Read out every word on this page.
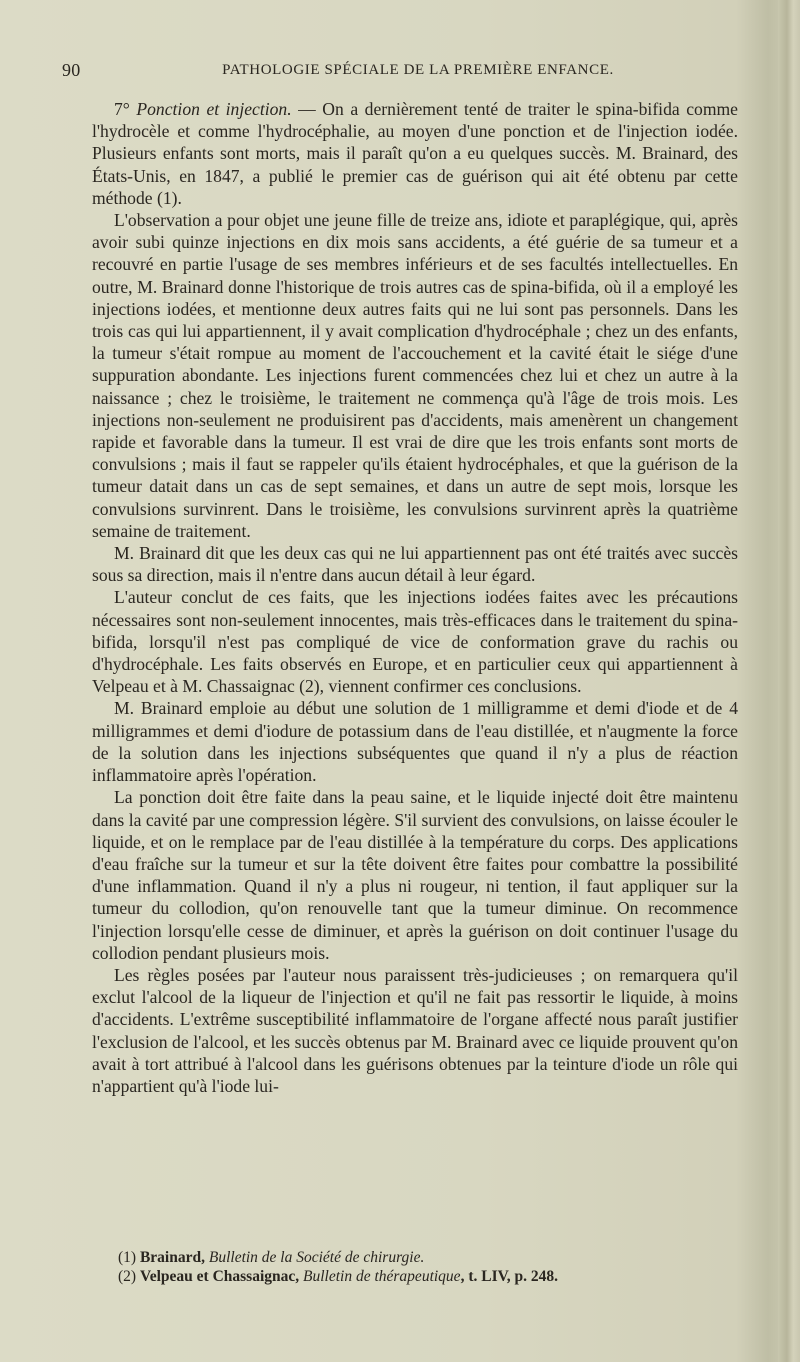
90	PATHOLOGIE SPÉCIALE DE LA PREMIÈRE ENFANCE.

7° Ponction et injection. — On a dernièrement tenté de traiter le spina-bifida comme l'hydrocèle et comme l'hydrocéphalie, au moyen d'une ponction et de l'injection iodée. Plusieurs enfants sont morts, mais il paraît qu'on a eu quelques succès. M. Brainard, des États-Unis, en 1847, a publié le premier cas de guérison qui ait été obtenu par cette méthode (1).

L'observation a pour objet une jeune fille de treize ans, idiote et paraplégique, qui, après avoir subi quinze injections en dix mois sans accidents, a été guérie de sa tumeur et a recouvré en partie l'usage de ses membres inférieurs et de ses facultés intellectuelles. En outre, M. Brainard donne l'historique de trois autres cas de spina-bifida, où il a employé les injections iodées, et mentionne deux autres faits qui ne lui sont pas personnels. Dans les trois cas qui lui appartiennent, il y avait complication d'hydrocéphale ; chez un des enfants, la tumeur s'était rompue au moment de l'accouchement et la cavité était le siége d'une suppuration abondante. Les injections furent commencées chez lui et chez un autre à la naissance ; chez le troisième, le traitement ne commença qu'à l'âge de trois mois. Les injections non-seulement ne produisirent pas d'accidents, mais amenèrent un changement rapide et favorable dans la tumeur. Il est vrai de dire que les trois enfants sont morts de convulsions ; mais il faut se rappeler qu'ils étaient hydrocéphales, et que la guérison de la tumeur datait dans un cas de sept semaines, et dans un autre de sept mois, lorsque les convulsions survinrent. Dans le troisième, les convulsions survinrent après la quatrième semaine de traitement.

M. Brainard dit que les deux cas qui ne lui appartiennent pas ont été traités avec succès sous sa direction, mais il n'entre dans aucun détail à leur égard.

L'auteur conclut de ces faits, que les injections iodées faites avec les précautions nécessaires sont non-seulement innocentes, mais très-efficaces dans le traitement du spina-bifida, lorsqu'il n'est pas compliqué de vice de conformation grave du rachis ou d'hydrocéphale. Les faits observés en Europe, et en particulier ceux qui appartiennent à Velpeau et à M. Chassaignac (2), viennent confirmer ces conclusions.

M. Brainard emploie au début une solution de 1 milligramme et demi d'iode et de 4 milligrammes et demi d'iodure de potassium dans de l'eau distillée, et n'augmente la force de la solution dans les injections subséquentes que quand il n'y a plus de réaction inflammatoire après l'opération.

La ponction doit être faite dans la peau saine, et le liquide injecté doit être maintenu dans la cavité par une compression légère. S'il survient des convulsions, on laisse écouler le liquide, et on le remplace par de l'eau distillée à la température du corps. Des applications d'eau fraîche sur la tumeur et sur la tête doivent être faites pour combattre la possibilité d'une inflammation. Quand il n'y a plus ni rougeur, ni tention, il faut appliquer sur la tumeur du collodion, qu'on renouvelle tant que la tumeur diminue. On recommence l'injection lorsqu'elle cesse de diminuer, et après la guérison on doit continuer l'usage du collodion pendant plusieurs mois.

Les règles posées par l'auteur nous paraissent très-judicieuses ; on remarquera qu'il exclut l'alcool de la liqueur de l'injection et qu'il ne fait pas ressortir le liquide, à moins d'accidents. L'extrême susceptibilité inflammatoire de l'organe affecté nous paraît justifier l'exclusion de l'alcool, et les succès obtenus par M. Brainard avec ce liquide prouvent qu'on avait à tort attribué à l'alcool dans les guérisons obtenues par la teinture d'iode un rôle qui n'appartient qu'à l'iode lui-

(1) Brainard, Bulletin de la Société de chirurgie.
(2) Velpeau et Chassaignac, Bulletin de thérapeutique, t. LIV, p. 248.
